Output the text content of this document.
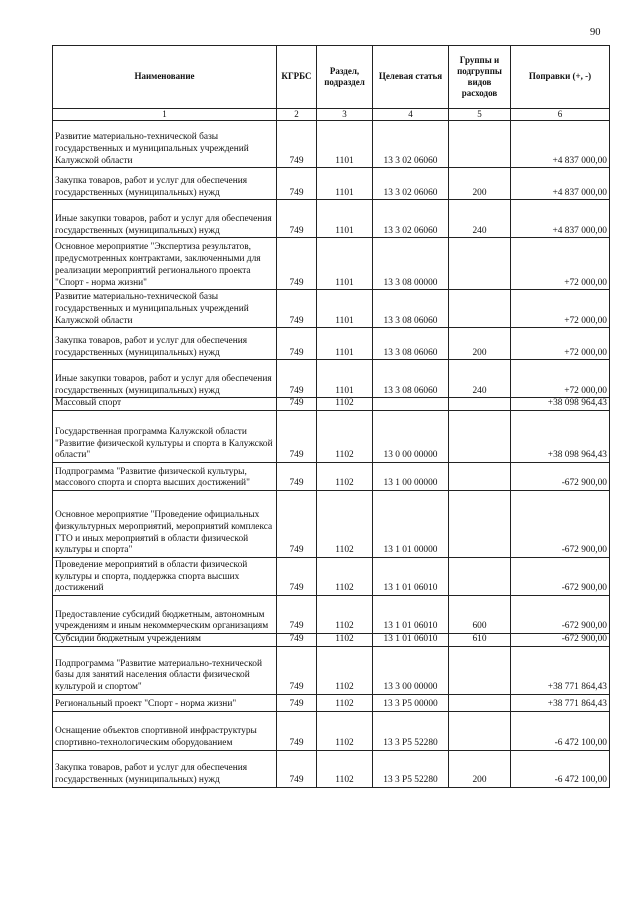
90
Наименование	КГРБС	Раздел, подраздел	Целевая статья	Группы и подгруппы видов расходов	Поправки (+, -)
1	2	3	4	5	6
Развитие материально-технической базы государственных и муниципальных учреждений Калужской области	749	1101	13 3 02 06060		+4 837 000,00
Закупка товаров, работ и услуг для обеспечения государственных (муниципальных) нужд	749	1101	13 3 02 06060	200	+4 837 000,00
Иные закупки товаров, работ и услуг для обеспечения государственных (муниципальных) нужд	749	1101	13 3 02 06060	240	+4 837 000,00
Основное мероприятие "Экспертиза результатов, предусмотренных контрактами, заключенными для реализации мероприятий регионального проекта "Спорт - норма жизни"	749	1101	13 3 08 00000		+72 000,00
Развитие материально-технической базы государственных и муниципальных учреждений Калужской области	749	1101	13 3 08 06060		+72 000,00
Закупка товаров, работ и услуг для обеспечения государственных (муниципальных) нужд	749	1101	13 3 08 06060	200	+72 000,00
Иные закупки товаров, работ и услуг для обеспечения государственных (муниципальных) нужд	749	1101	13 3 08 06060	240	+72 000,00
Массовый спорт	749	1102			+38 098 964,43
Государственная программа Калужской области "Развитие физической культуры и спорта в Калужской области"	749	1102	13 0 00 00000		+38 098 964,43
Подпрограмма "Развитие физической культуры, массового спорта и спорта высших достижений"	749	1102	13 1 00 00000		-672 900,00
Основное мероприятие "Проведение официальных физкультурных мероприятий, мероприятий комплекса ГТО и иных мероприятий в области физической культуры и спорта"	749	1102	13 1 01 00000		-672 900,00
Проведение мероприятий в области физической культуры и спорта, поддержка спорта высших достижений	749	1102	13 1 01 06010		-672 900,00
Предоставление субсидий бюджетным, автономным учреждениям и иным некоммерческим организациям	749	1102	13 1 01 06010	600	-672 900,00
Субсидии бюджетным учреждениям	749	1102	13 1 01 06010	610	-672 900,00
Подпрограмма "Развитие материально-технической базы для занятий населения области физической культурой и спортом"	749	1102	13 3 00 00000		+38 771 864,43
Региональный проект "Спорт - норма жизни"	749	1102	13 3 P5 00000		+38 771 864,43
Оснащение объектов спортивной инфраструктуры спортивно-технологическим оборудованием	749	1102	13 3 P5 52280		-6 472 100,00
Закупка товаров, работ и услуг для обеспечения государственных (муниципальных) нужд	749	1102	13 3 P5 52280	200	-6 472 100,00
